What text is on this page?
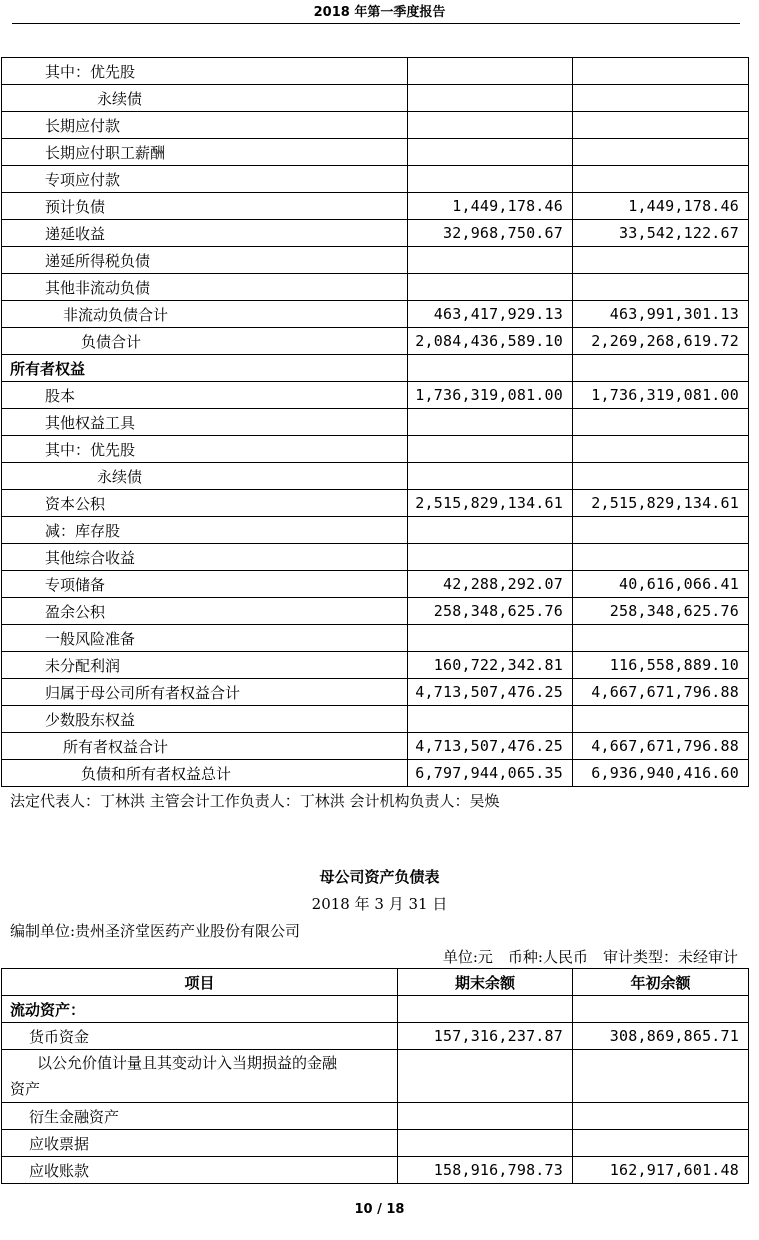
2018 年第一季度报告
其中：优先股		
永续债		
长期应付款		
长期应付职工薪酬		
专项应付款		
预计负债	1,449,178.46	1,449,178.46
递延收益	32,968,750.67	33,542,122.67
递延所得税负债		
其他非流动负债		
非流动负债合计	463,417,929.13	463,991,301.13
负债合计	2,084,436,589.10	2,269,268,619.72
所有者权益		
股本	1,736,319,081.00	1,736,319,081.00
其他权益工具		
其中：优先股		
永续债		
资本公积	2,515,829,134.61	2,515,829,134.61
减：库存股		
其他综合收益		
专项储备	42,288,292.07	40,616,066.41
盈余公积	258,348,625.76	258,348,625.76
一般风险准备		
未分配利润	160,722,342.81	116,558,889.10
归属于母公司所有者权益合计	4,713,507,476.25	4,667,671,796.88
少数股东权益		
所有者权益合计	4,713,507,476.25	4,667,671,796.88
负债和所有者权益总计	6,797,944,065.35	6,936,940,416.60
法定代表人：丁林洪 主管会计工作负责人：丁林洪 会计机构负责人：吴焕
母公司资产负债表
2018 年 3 月 31 日
编制单位:贵州圣济堂医药产业股份有限公司
单位:元　币种:人民币　审计类型：未经审计
项目	期末余额	年初余额
流动资产：		
货币资金	157,316,237.87	308,869,865.71

以公允价值计量且其变动计入当期损益的金融
资产		

衍生金融资产		
应收票据		
应收账款	158,916,798.73	162,917,601.48
10 / 18
